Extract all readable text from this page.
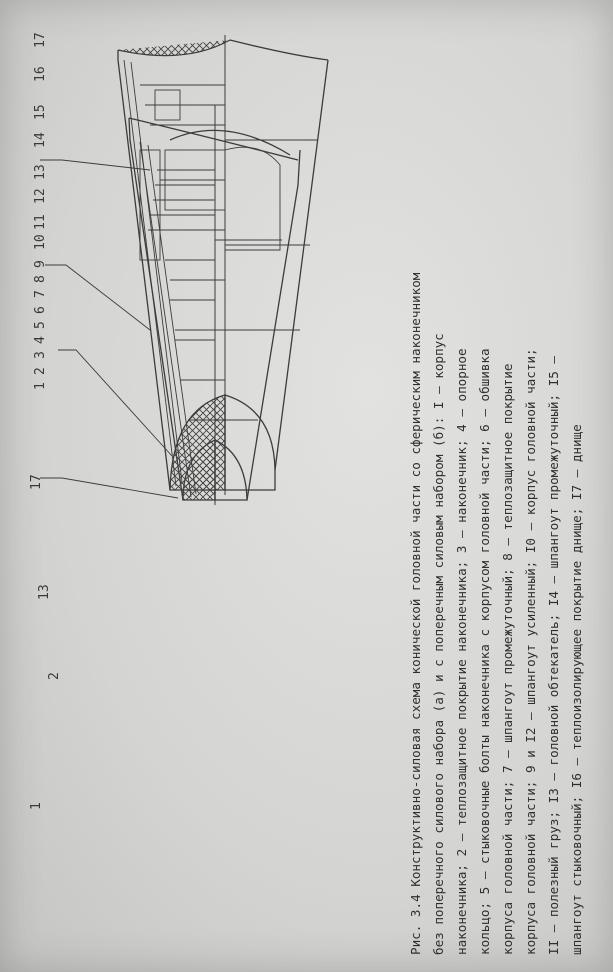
1
2
3
4
5
6
7
8
9
10
11
12
13
14
15
16
17
1
2
13
17	Рис. 3.4 Конструктивно-силовая схема конической головной части со сферическим наконечником без поперечного силового набора (а) и с поперечным силовым набором (б): I – корпус наконечника; 2 – теплозащитное покрытие наконечника; 3 – наконечник; 4 – опорное кольцо; 5 – стыковочные болты наконечника с корпусом головной части; 6 – обшивка корпуса головной части; 7 – шпангоут промежуточный; 8 – теплозащитное покрытие корпуса головной части; 9 и I2 – шпангоут усиленный; I0 – корпус головной части; II – полезный груз; I3 – головной обтекатель; I4 – шпангоут промежуточный; I5 – шпангоут стыковочный; I6 – теплоизолирующее покрытие днище; I7 – днище
